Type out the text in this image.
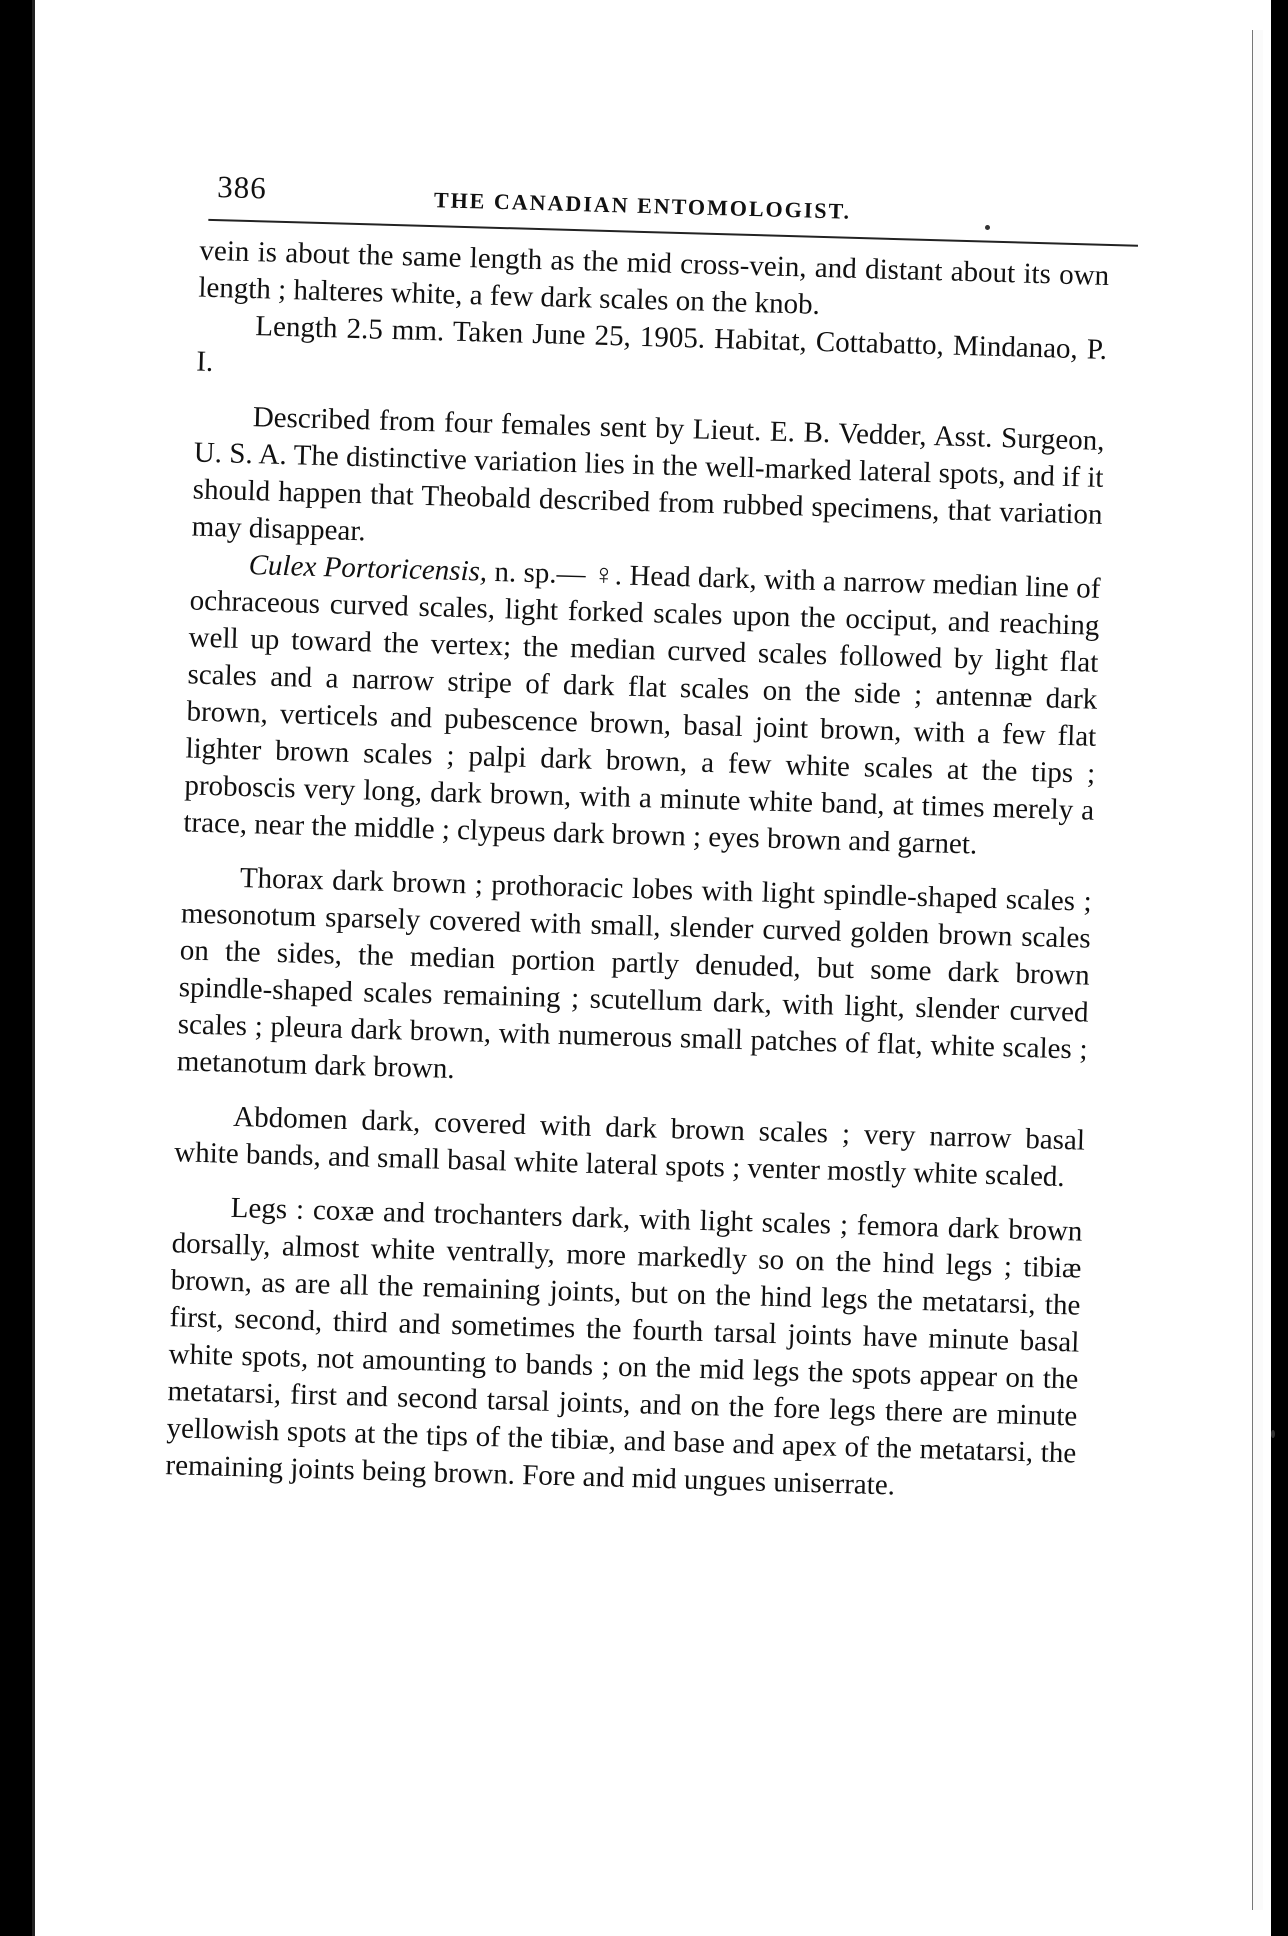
386	THE CANADIAN ENTOMOLOGIST.

vein is about the same length as the mid cross-vein, and distant about its own length ; halteres white, a few dark scales on the knob.

Length 2.5 mm. Taken June 25, 1905. Habitat, Cottabatto, Mindanao, P. I.

Described from four females sent by Lieut. E. B. Vedder, Asst. Surgeon, U. S. A. The distinctive variation lies in the well-marked lateral spots, and if it should happen that Theobald described from rubbed specimens, that variation may disappear.

Culex Portoricensis, n. sp.— ♀. Head dark, with a narrow median line of ochraceous curved scales, light forked scales upon the occiput, and reaching well up toward the vertex; the median curved scales followed by light flat scales and a narrow stripe of dark flat scales on the side ; antennæ dark brown, verticels and pubescence brown, basal joint brown, with a few flat lighter brown scales ; palpi dark brown, a few white scales at the tips ; proboscis very long, dark brown, with a minute white band, at times merely a trace, near the middle ; clypeus dark brown ; eyes brown and garnet.

Thorax dark brown ; prothoracic lobes with light spindle-shaped scales ; mesonotum sparsely covered with small, slender curved golden brown scales on the sides, the median portion partly denuded, but some dark brown spindle-shaped scales remaining ; scutellum dark, with light, slender curved scales ; pleura dark brown, with numerous small patches of flat, white scales ; metanotum dark brown.

Abdomen dark, covered with dark brown scales ; very narrow basal white bands, and small basal white lateral spots ; venter mostly white scaled.

Legs : coxæ and trochanters dark, with light scales ; femora dark brown dorsally, almost white ventrally, more markedly so on the hind legs ; tibiæ brown, as are all the remaining joints, but on the hind legs the metatarsi, the first, second, third and sometimes the fourth tarsal joints have minute basal white spots, not amounting to bands ; on the mid legs the spots appear on the metatarsi, first and second tarsal joints, and on the fore legs there are minute yellowish spots at the tips of the tibiæ, and base and apex of the metatarsi, the remaining joints being brown. Fore and mid ungues uniserrate.
